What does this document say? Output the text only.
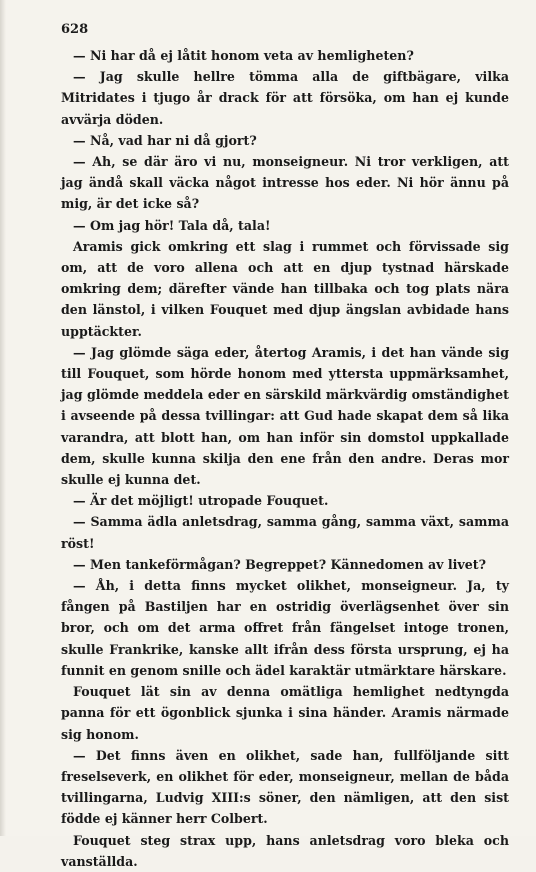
628

— Ni har då ej låtit honom veta av hemligheten?

— Jag skulle hellre tömma alla de giftbägare, vilka Mitridates i tjugo år drack för att försöka, om han ej kunde avvärja döden.

— Nå, vad har ni då gjort?

— Ah, se där äro vi nu, monseigneur. Ni tror verkligen, att jag ändå skall väcka något intresse hos eder. Ni hör ännu på mig, är det icke så?

— Om jag hör! Tala då, tala!

Aramis gick omkring ett slag i rummet och förvissade sig om, att de voro allena och att en djup tystnad härskade omkring dem; därefter vände han tillbaka och tog plats nära den länstol, i vilken Fouquet med djup ängslan avbidade hans upptäckter.

— Jag glömde säga eder, återtog Aramis, i det han vände sig till Fouquet, som hörde honom med yttersta uppmärksamhet, jag glömde meddela eder en särskild märkvärdig omständighet i avseende på dessa tvillingar: att Gud hade skapat dem så lika varandra, att blott han, om han inför sin domstol uppkallade dem, skulle kunna skilja den ene från den andre. Deras mor skulle ej kunna det.

— Är det möjligt! utropade Fouquet.

— Samma ädla anletsdrag, samma gång, samma växt, samma röst!

— Men tankeförmågan? Begreppet? Kännedomen av livet?

— Åh, i detta finns mycket olikhet, monseigneur. Ja, ty fången på Bastiljen har en ostridig överlägsenhet över sin bror, och om det arma offret från fängelset intoge tronen, skulle Frankrike, kanske allt ifrån dess första ursprung, ej ha funnit en genom snille och ädel karaktär utmärktare härskare.

Fouquet lät sin av denna omätliga hemlighet nedtyngda panna för ett ögonblick sjunka i sina händer. Aramis närmade sig honom.

— Det finns även en olikhet, sade han, fullföljande sitt freselseverk, en olikhet för eder, monseigneur, mellan de båda tvillingarna, Ludvig XIII:s söner, den nämligen, att den sist födde ej känner herr Colbert.

Fouquet steg strax upp, hans anletsdrag voro bleka och vanställda.
